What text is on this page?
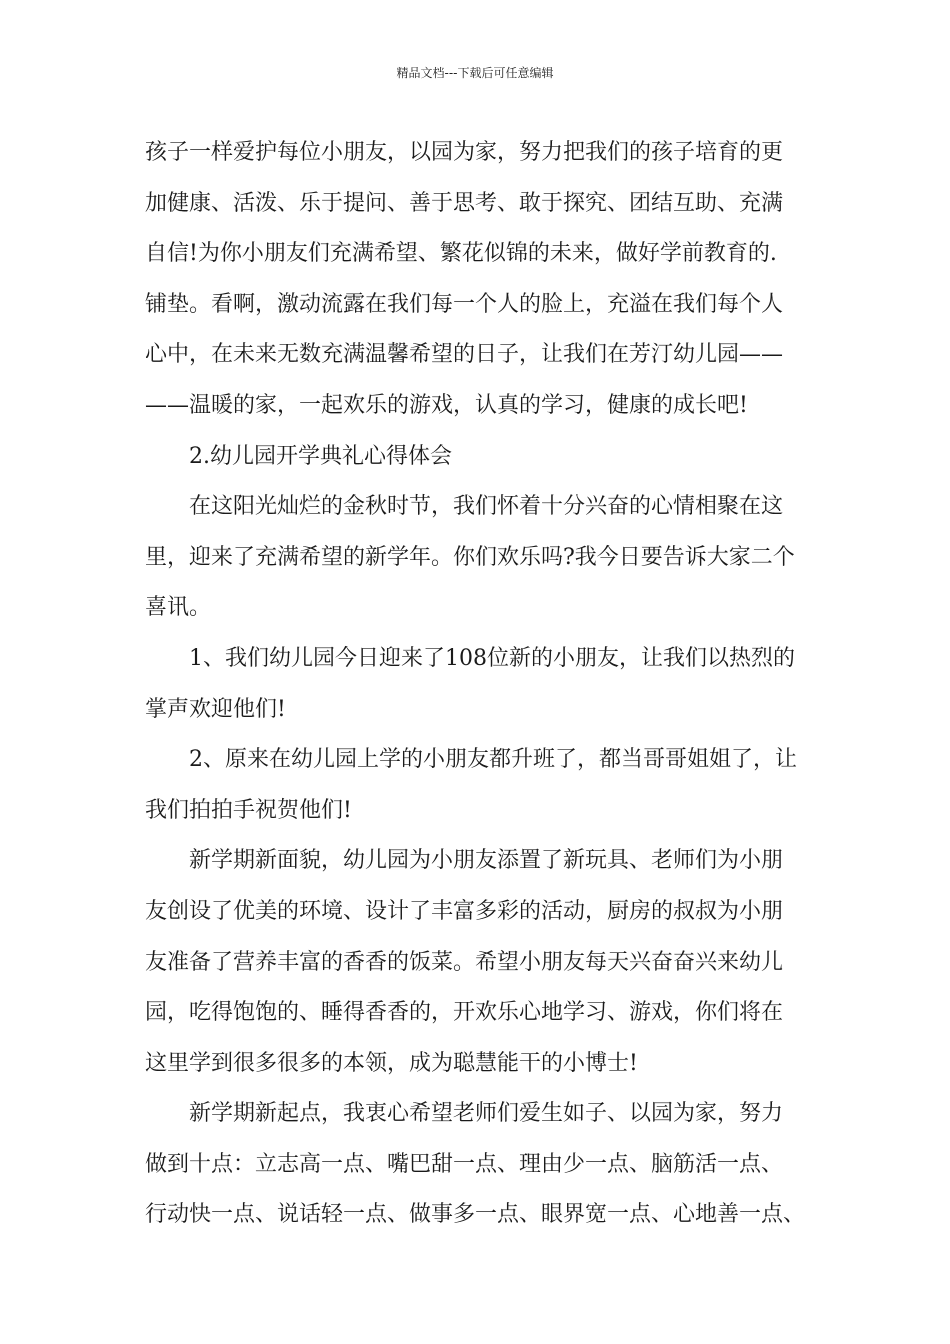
精品文档---下载后可任意编辑
孩子一样爱护每位小朋友，以园为家，努力把我们的孩子培育的更
加健康、活泼、乐于提问、善于思考、敢于探究、团结互助、充满
自信!为你小朋友们充满希望、繁花似锦的未来，做好学前教育的.
铺垫。看啊，激动流露在我们每一个人的脸上，充溢在我们每个人
心中，在未来无数充满温馨希望的日子，让我们在芳汀幼儿园——
——温暖的家，一起欢乐的游戏，认真的学习，健康的成长吧!
2.幼儿园开学典礼心得体会
在这阳光灿烂的金秋时节，我们怀着十分兴奋的心情相聚在这
里，迎来了充满希望的新学年。你们欢乐吗?我今日要告诉大家二个
喜讯。
1、我们幼儿园今日迎来了108位新的小朋友，让我们以热烈的
掌声欢迎他们!
2、原来在幼儿园上学的小朋友都升班了，都当哥哥姐姐了，让
我们拍拍手祝贺他们!
新学期新面貌，幼儿园为小朋友添置了新玩具、老师们为小朋
友创设了优美的环境、设计了丰富多彩的活动，厨房的叔叔为小朋
友准备了营养丰富的香香的饭菜。希望小朋友每天兴奋奋兴来幼儿
园，吃得饱饱的、睡得香香的，开欢乐心地学习、游戏，你们将在
这里学到很多很多的本领，成为聪慧能干的小博士!
新学期新起点，我衷心希望老师们爱生如子、以园为家，努力
做到十点：立志高一点、嘴巴甜一点、理由少一点、脑筋活一点、
行动快一点、说话轻一点、做事多一点、眼界宽一点、心地善一点、
